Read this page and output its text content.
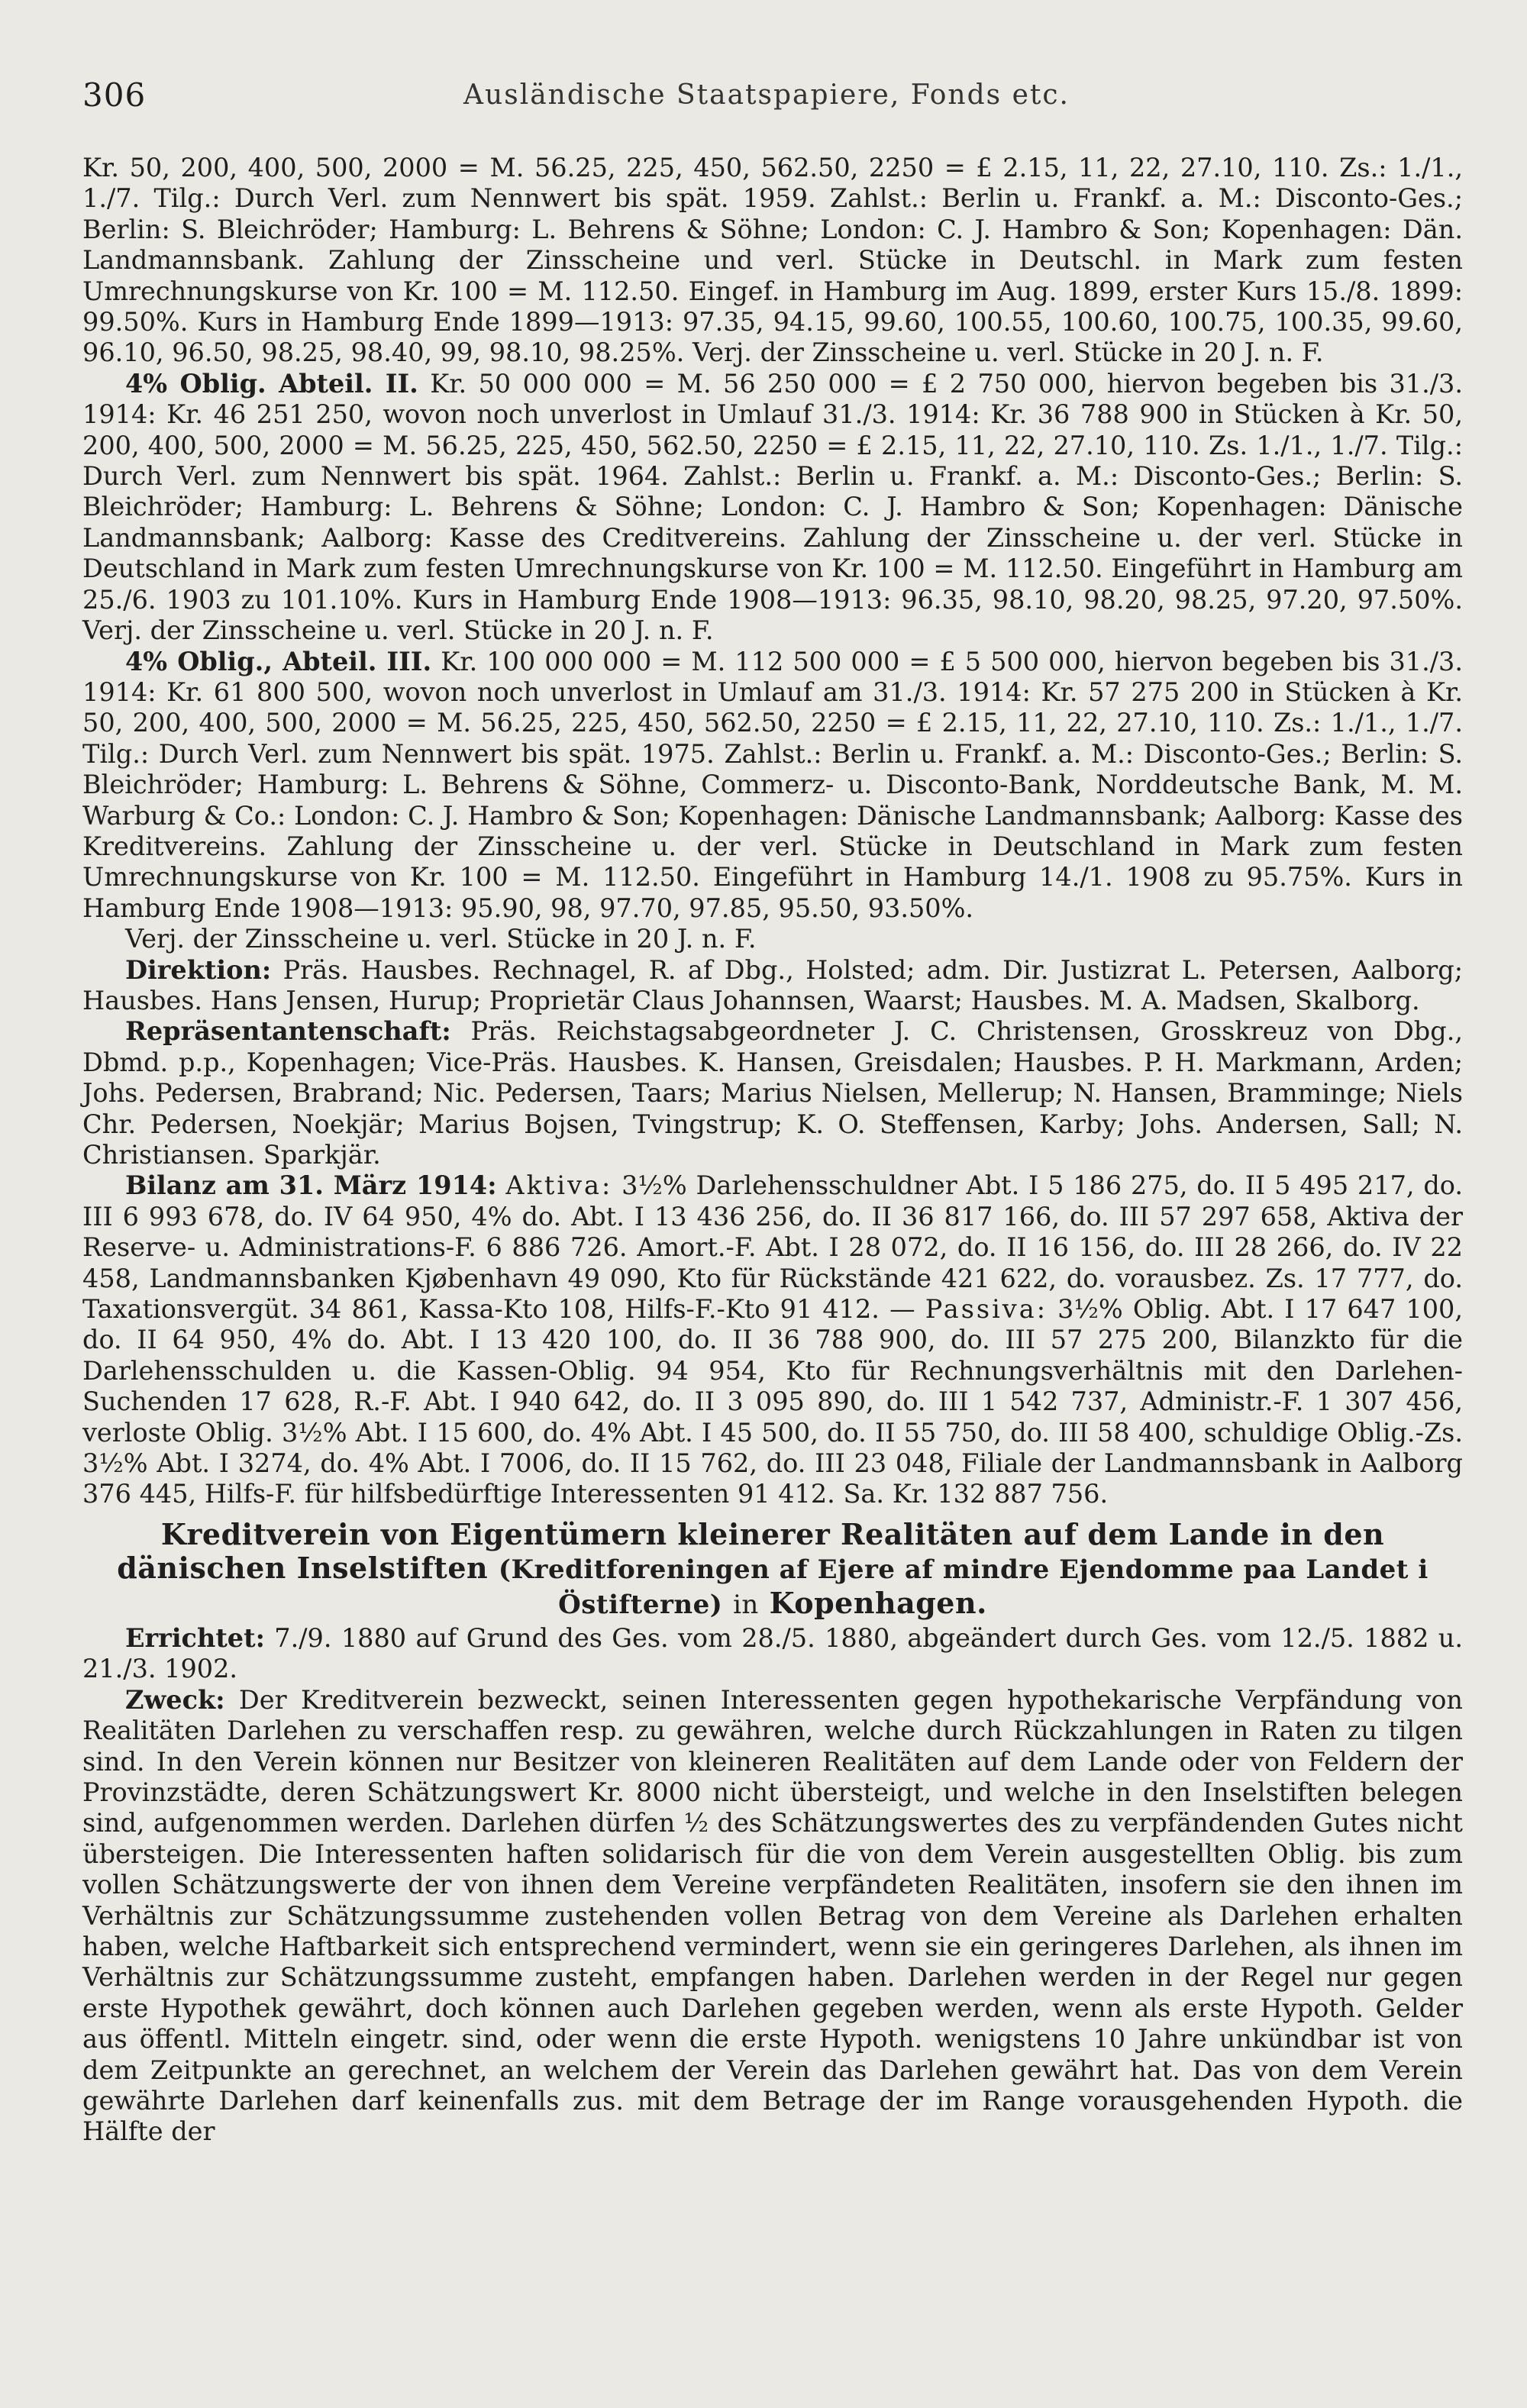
306	Ausländische Staatspapiere, Fonds etc.

Kr. 50, 200, 400, 500, 2000 = M. 56.25, 225, 450, 562.50, 2250 = £ 2.15, 11, 22, 27.10, 110. Zs.: 1./1., 1./7. Tilg.: Durch Verl. zum Nennwert bis spät. 1959. Zahlst.: Berlin u. Frankf. a. M.: Disconto-Ges.; Berlin: S. Bleichröder; Hamburg: L. Behrens & Söhne; London: C. J. Hambro & Son; Kopenhagen: Dän. Landmannsbank. Zahlung der Zinsscheine und verl. Stücke in Deutschl. in Mark zum festen Umrechnungskurse von Kr. 100 = M. 112.50. Eingef. in Hamburg im Aug. 1899, erster Kurs 15./8. 1899: 99.50%. Kurs in Hamburg Ende 1899—1913: 97.35, 94.15, 99.60, 100.55, 100.60, 100.75, 100.35, 99.60, 96.10, 96.50, 98.25, 98.40, 99, 98.10, 98.25%. Verj. der Zinsscheine u. verl. Stücke in 20 J. n. F.

4% Oblig. Abteil. II. Kr. 50 000 000 = M. 56 250 000 = £ 2 750 000, hiervon begeben bis 31./3. 1914: Kr. 46 251 250, wovon noch unverlost in Umlauf 31./3. 1914: Kr. 36 788 900 in Stücken à Kr. 50, 200, 400, 500, 2000 = M. 56.25, 225, 450, 562.50, 2250 = £ 2.15, 11, 22, 27.10, 110. Zs. 1./1., 1./7. Tilg.: Durch Verl. zum Nennwert bis spät. 1964. Zahlst.: Berlin u. Frankf. a. M.: Disconto-Ges.; Berlin: S. Bleichröder; Hamburg: L. Behrens & Söhne; London: C. J. Hambro & Son; Kopenhagen: Dänische Landmannsbank; Aalborg: Kasse des Creditvereins. Zahlung der Zinsscheine u. der verl. Stücke in Deutschland in Mark zum festen Umrechnungskurse von Kr. 100 = M. 112.50. Eingeführt in Hamburg am 25./6. 1903 zu 101.10%. Kurs in Hamburg Ende 1908—1913: 96.35, 98.10, 98.20, 98.25, 97.20, 97.50%. Verj. der Zinsscheine u. verl. Stücke in 20 J. n. F.

4% Oblig., Abteil. III. Kr. 100 000 000 = M. 112 500 000 = £ 5 500 000, hiervon begeben bis 31./3. 1914: Kr. 61 800 500, wovon noch unverlost in Umlauf am 31./3. 1914: Kr. 57 275 200 in Stücken à Kr. 50, 200, 400, 500, 2000 = M. 56.25, 225, 450, 562.50, 2250 = £ 2.15, 11, 22, 27.10, 110. Zs.: 1./1., 1./7. Tilg.: Durch Verl. zum Nennwert bis spät. 1975. Zahlst.: Berlin u. Frankf. a. M.: Disconto-Ges.; Berlin: S. Bleichröder; Hamburg: L. Behrens & Söhne, Commerz- u. Disconto-Bank, Norddeutsche Bank, M. M. Warburg & Co.: London: C. J. Hambro & Son; Kopenhagen: Dänische Landmannsbank; Aalborg: Kasse des Kreditvereins. Zahlung der Zinsscheine u. der verl. Stücke in Deutschland in Mark zum festen Umrechnungskurse von Kr. 100 = M. 112.50. Eingeführt in Hamburg 14./1. 1908 zu 95.75%. Kurs in Hamburg Ende 1908—1913: 95.90, 98, 97.70, 97.85, 95.50, 93.50%.

Verj. der Zinsscheine u. verl. Stücke in 20 J. n. F.

Direktion: Präs. Hausbes. Rechnagel, R. af Dbg., Holsted; adm. Dir. Justizrat L. Petersen, Aalborg; Hausbes. Hans Jensen, Hurup; Proprietär Claus Johannsen, Waarst; Hausbes. M. A. Madsen, Skalborg.

Repräsentantenschaft: Präs. Reichstagsabgeordneter J. C. Christensen, Grosskreuz von Dbg., Dbmd. p.p., Kopenhagen; Vice-Präs. Hausbes. K. Hansen, Greisdalen; Hausbes. P. H. Markmann, Arden; Johs. Pedersen, Brabrand; Nic. Pedersen, Taars; Marius Nielsen, Mellerup; N. Hansen, Bramminge; Niels Chr. Pedersen, Noekjär; Marius Bojsen, Tvingstrup; K. O. Steffensen, Karby; Johs. Andersen, Sall; N. Christiansen. Sparkjär.

Bilanz am 31. März 1914: Aktiva: 3½% Darlehensschuldner Abt. I 5 186 275, do. II 5 495 217, do. III 6 993 678, do. IV 64 950, 4% do. Abt. I 13 436 256, do. II 36 817 166, do. III 57 297 658, Aktiva der Reserve- u. Administrations-F. 6 886 726. Amort.-F. Abt. I 28 072, do. II 16 156, do. III 28 266, do. IV 22 458, Landmannsbanken Kjøbenhavn 49 090, Kto für Rückstände 421 622, do. vorausbez. Zs. 17 777, do. Taxationsvergüt. 34 861, Kassa-Kto 108, Hilfs-F.-Kto 91 412. — Passiva: 3½% Oblig. Abt. I 17 647 100, do. II 64 950, 4% do. Abt. I 13 420 100, do. II 36 788 900, do. III 57 275 200, Bilanzkto für die Darlehensschulden u. die Kassen-Oblig. 94 954, Kto für Rechnungsverhältnis mit den Darlehen-Suchenden 17 628, R.-F. Abt. I 940 642, do. II 3 095 890, do. III 1 542 737, Administr.-F. 1 307 456, verloste Oblig. 3½% Abt. I 15 600, do. 4% Abt. I 45 500, do. II 55 750, do. III 58 400, schuldige Oblig.-Zs. 3½% Abt. I 3274, do. 4% Abt. I 7006, do. II 15 762, do. III 23 048, Filiale der Landmannsbank in Aalborg 376 445, Hilfs-F. für hilfsbedürftige Interessenten 91 412. Sa. Kr. 132 887 756.

Kreditverein von Eigentümern kleinerer Realitäten auf dem Lande in den dänischen Inselstiften (Kreditforeningen af Ejere af mindre Ejendomme paa Landet i Östifterne) in Kopenhagen.

Errichtet: 7./9. 1880 auf Grund des Ges. vom 28./5. 1880, abgeändert durch Ges. vom 12./5. 1882 u. 21./3. 1902.

Zweck: Der Kreditverein bezweckt, seinen Interessenten gegen hypothekarische Verpfändung von Realitäten Darlehen zu verschaffen resp. zu gewähren, welche durch Rückzahlungen in Raten zu tilgen sind. In den Verein können nur Besitzer von kleineren Realitäten auf dem Lande oder von Feldern der Provinzstädte, deren Schätzungswert Kr. 8000 nicht übersteigt, und welche in den Inselstiften belegen sind, aufgenommen werden. Darlehen dürfen ½ des Schätzungswertes des zu verpfändenden Gutes nicht übersteigen. Die Interessenten haften solidarisch für die von dem Verein ausgestellten Oblig. bis zum vollen Schätzungswerte der von ihnen dem Vereine verpfändeten Realitäten, insofern sie den ihnen im Verhältnis zur Schätzungssumme zustehenden vollen Betrag von dem Vereine als Darlehen erhalten haben, welche Haftbarkeit sich entsprechend vermindert, wenn sie ein geringeres Darlehen, als ihnen im Verhältnis zur Schätzungssumme zusteht, empfangen haben. Darlehen werden in der Regel nur gegen erste Hypothek gewährt, doch können auch Darlehen gegeben werden, wenn als erste Hypoth. Gelder aus öffentl. Mitteln eingetr. sind, oder wenn die erste Hypoth. wenigstens 10 Jahre unkündbar ist von dem Zeitpunkte an gerechnet, an welchem der Verein das Darlehen gewährt hat. Das von dem Verein gewährte Darlehen darf keinenfalls zus. mit dem Betrage der im Range vorausgehenden Hypoth. die Hälfte der
